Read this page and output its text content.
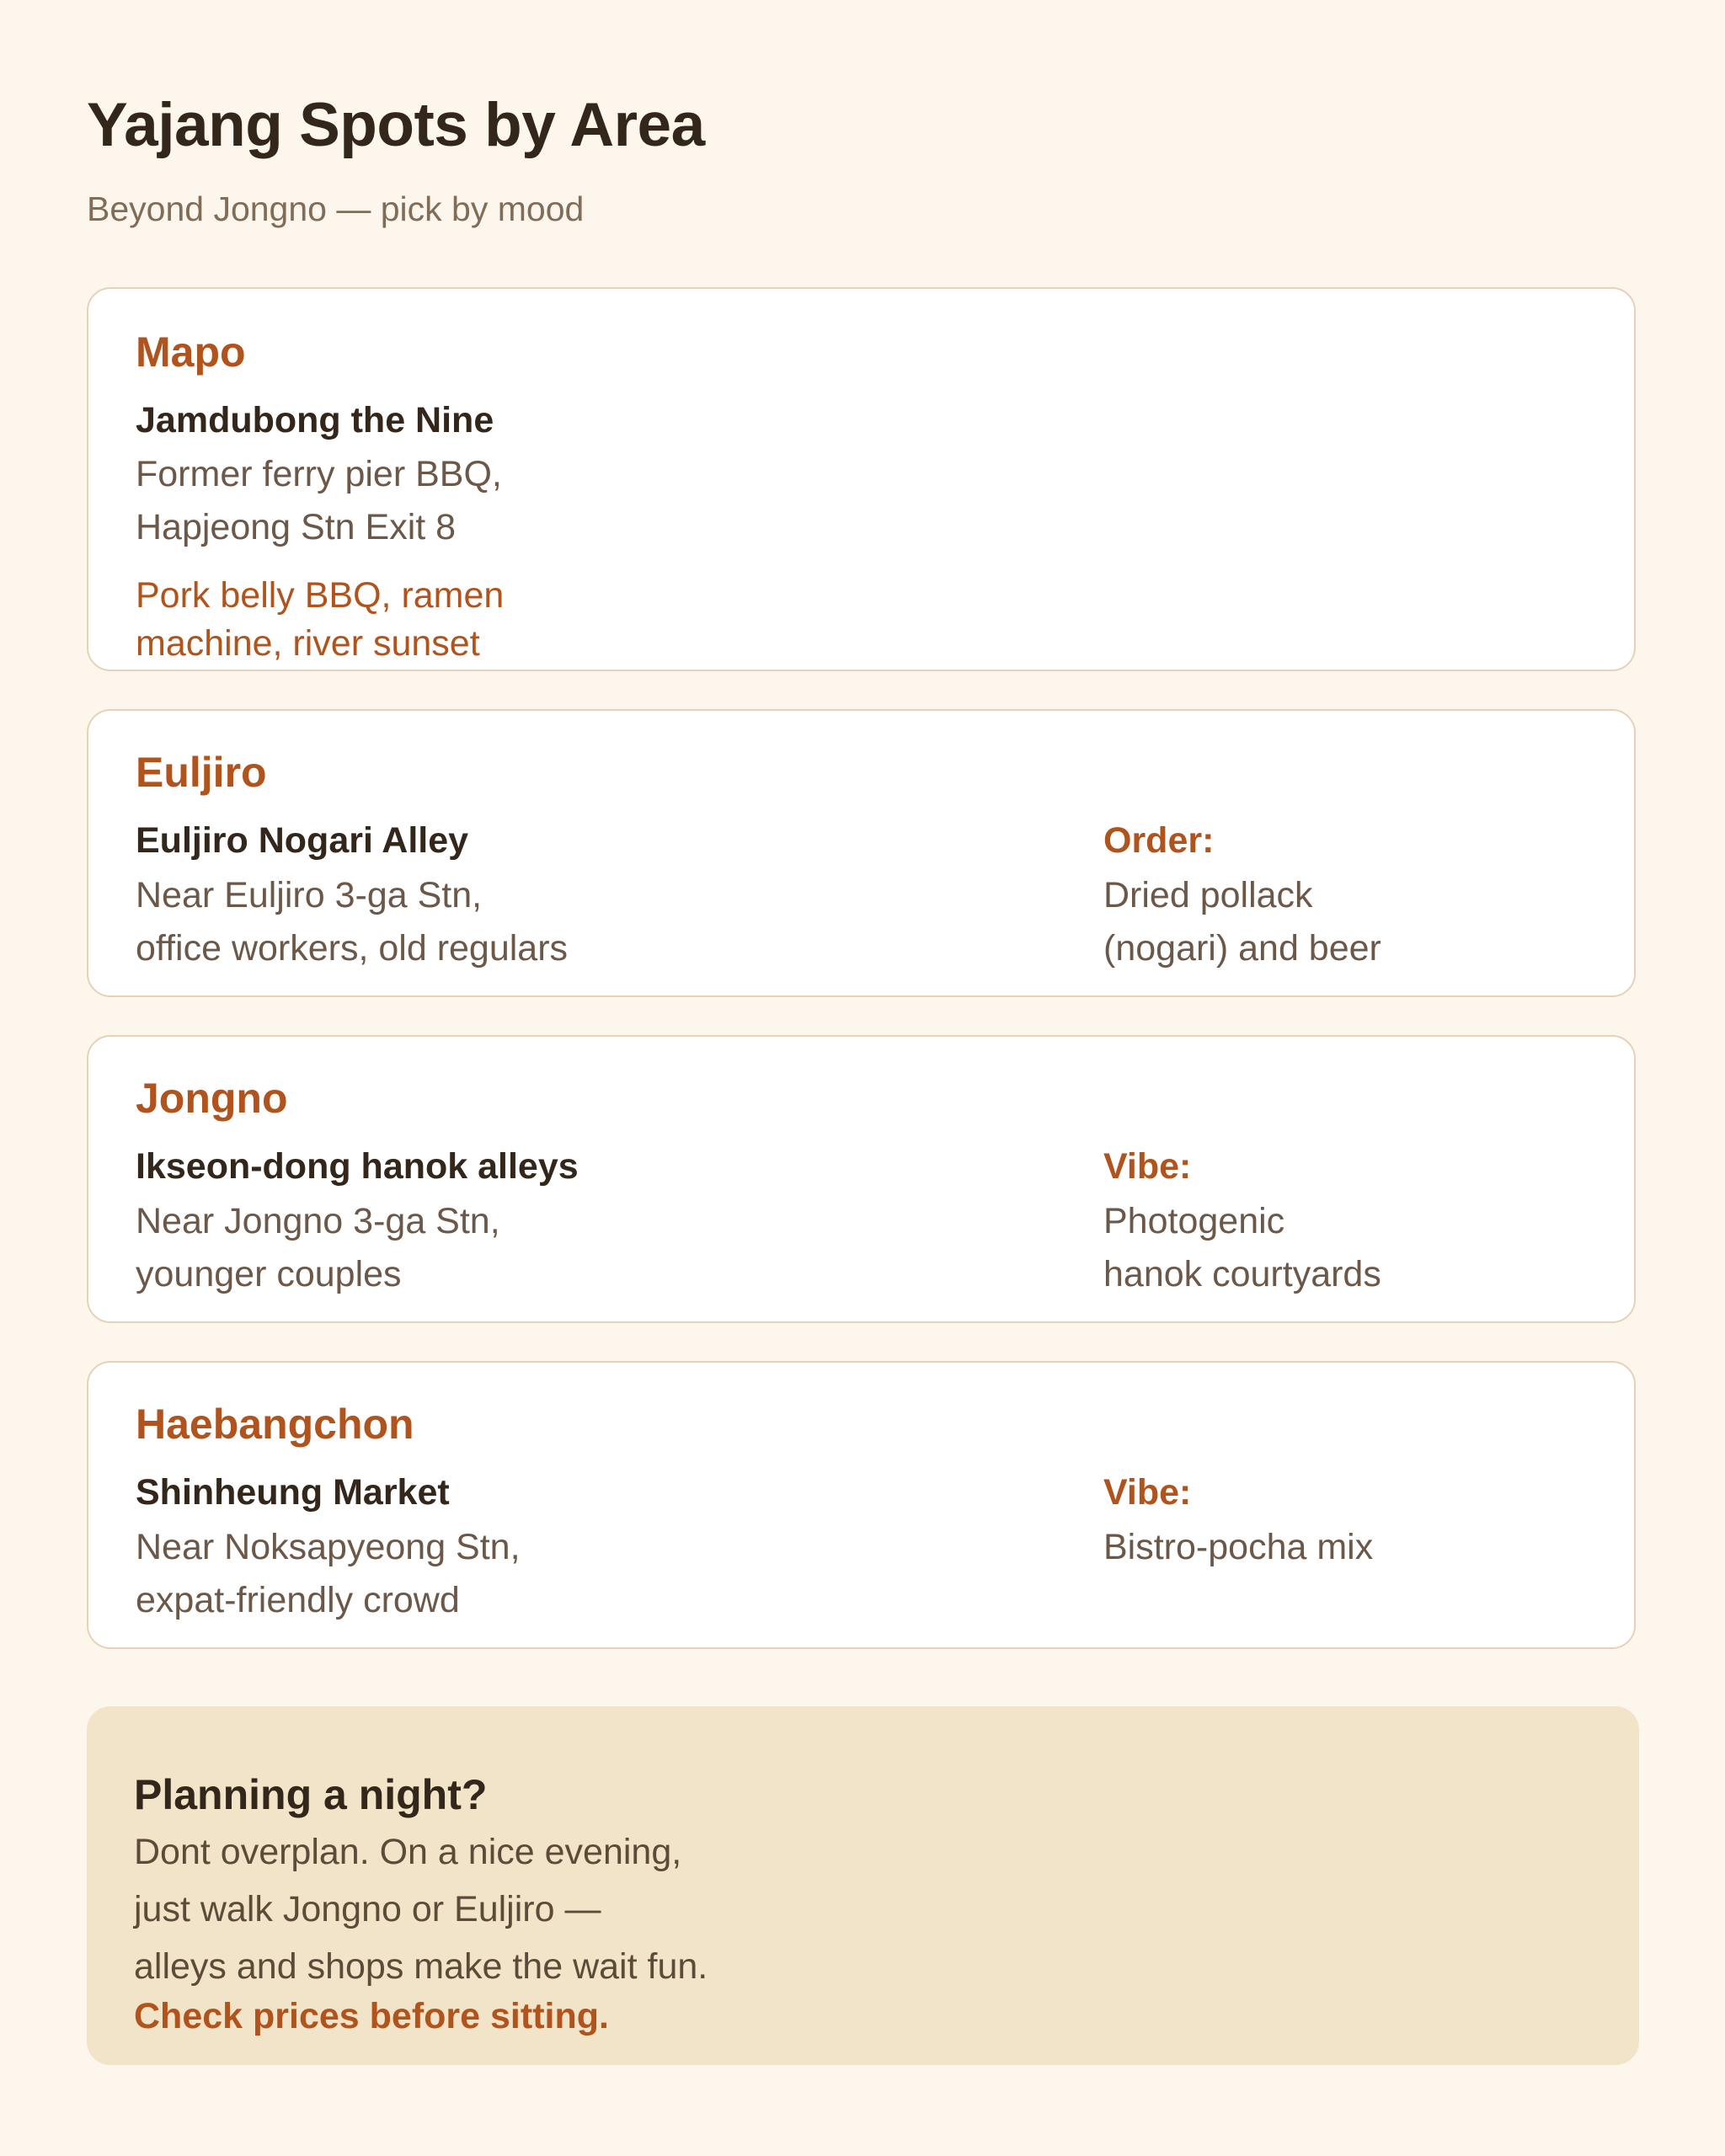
Yajang Spots by Area
Beyond Jongno — pick by mood
Mapo
Jamdubong the Nine
Former ferry pier BBQ,
Hapjeong Stn Exit 8
Pork belly BBQ, ramen
machine, river sunset
Euljiro
Euljiro Nogari Alley
Near Euljiro 3-ga Stn,
office workers, old regulars
Order:
Dried pollack
(nogari) and beer
Jongno
Ikseon-dong hanok alleys
Near Jongno 3-ga Stn,
younger couples
Vibe:
Photogenic
hanok courtyards
Haebangchon
Shinheung Market
Near Noksapyeong Stn,
expat-friendly crowd
Vibe:
Bistro-pocha mix
Planning a night?
Dont overplan. On a nice evening,
just walk Jongno or Euljiro —
alleys and shops make the wait fun.
Check prices before sitting.
